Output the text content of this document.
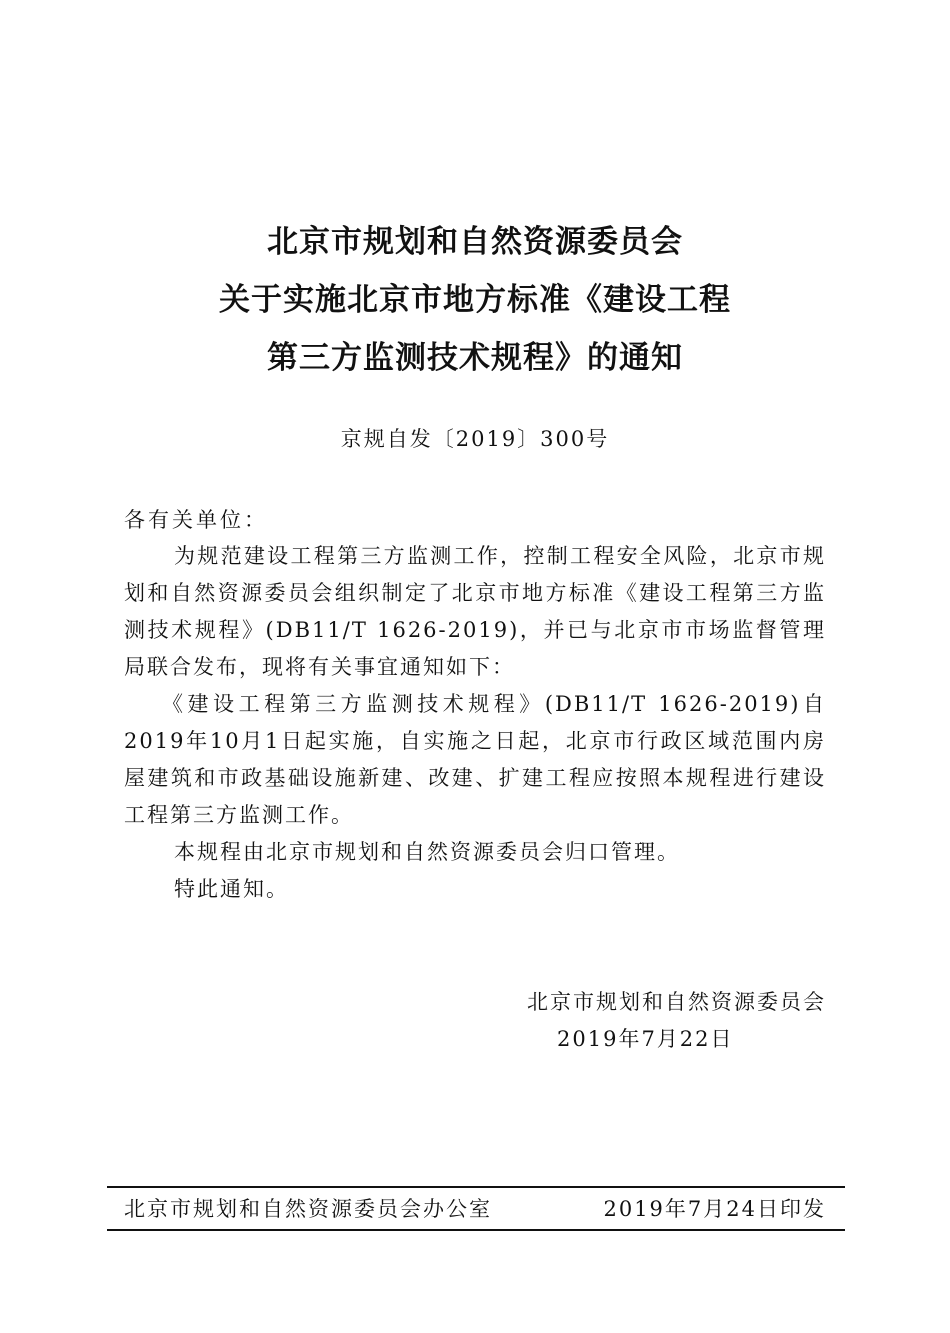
北京市规划和自然资源委员会
关于实施北京市地方标准《建设工程
第三方监测技术规程》的通知
京规自发〔2019〕300号
各有关单位：
为规范建设工程第三方监测工作，控制工程安全风险，北京市规划和自然资源委员会组织制定了北京市地方标准《建设工程第三方监测技术规程》(DB11/T 1626-2019)，并已与北京市市场监督管理局联合发布，现将有关事宜通知如下：
《建设工程第三方监测技术规程》(DB11/T 1626-2019)自2019年10月1日起实施，自实施之日起，北京市行政区域范围内房屋建筑和市政基础设施新建、改建、扩建工程应按照本规程进行建设工程第三方监测工作。
本规程由北京市规划和自然资源委员会归口管理。
特此通知。
北京市规划和自然资源委员会
2019年7月22日
北京市规划和自然资源委员会办公室	2019年7月24日印发
